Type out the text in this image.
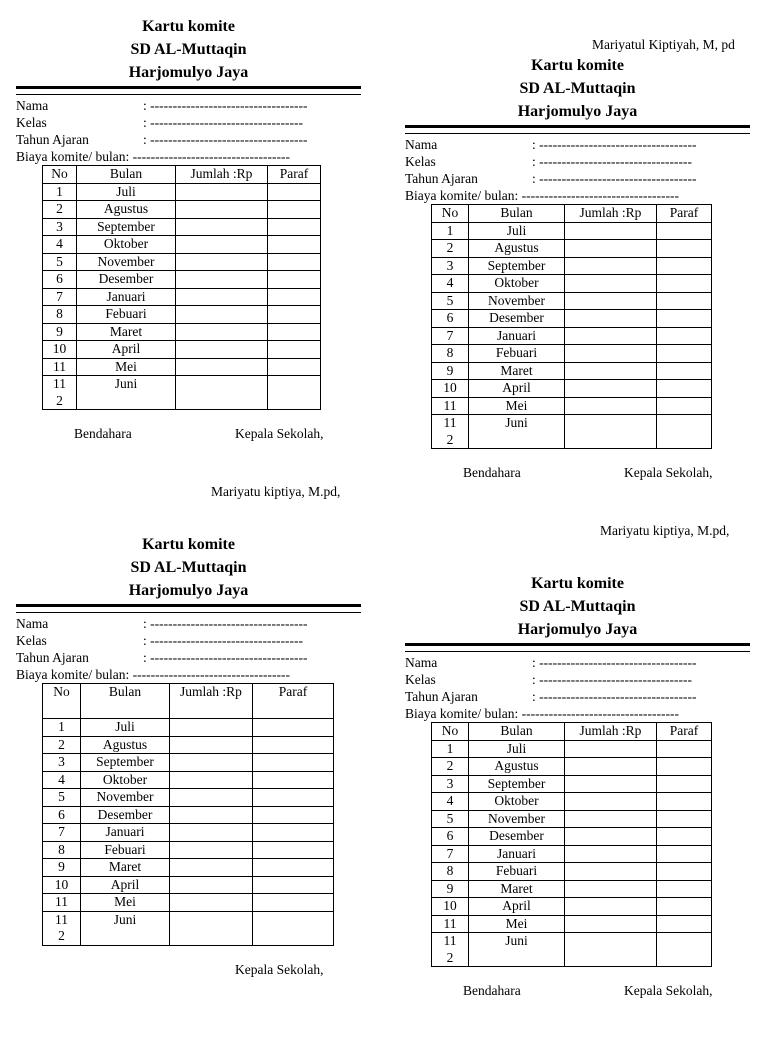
Mariyatul Kiptiyah, M, pd
Kartu komite
SD AL-Muttaqin
Harjomulyo Jaya
Nama	: -----------------------------------
Kelas	: ----------------------------------
Tahun Ajaran	: -----------------------------------
Biaya komite/ bulan : -----------------------------------
No	Bulan	Jumlah :Rp	Paraf
1	Juli		
2	Agustus		
3	September		
4	Oktober		
5	November		
6	Desember		
7	Januari		
8	Febuari		
9	Maret		
10	April		
11	Mei		
11
2	Juni		
Bendahara	Kepala Sekolah,
Mariyatu kiptiya, M.pd,
Kartu komite
SD AL-Muttaqin
Harjomulyo Jaya
Nama	: -----------------------------------
Kelas	: ----------------------------------
Tahun Ajaran	: -----------------------------------
Biaya komite/ bulan : -----------------------------------
No	Bulan	Jumlah :Rp	Paraf
1	Juli		
2	Agustus		
3	September		
4	Oktober		
5	November		
6	Desember		
7	Januari		
8	Febuari		
9	Maret		
10	April		
11	Mei		
11
2	Juni		
Bendahara	Kepala Sekolah,
Mariyatu kiptiya, M.pd,
Kartu komite
SD AL-Muttaqin
Harjomulyo Jaya
Nama	: -----------------------------------
Kelas	: ----------------------------------
Tahun Ajaran	: -----------------------------------
Biaya komite/ bulan : -----------------------------------
No	Bulan	Jumlah :Rp	Paraf
1	Juli		
2	Agustus		
3	September		
4	Oktober		
5	November		
6	Desember		
7	Januari		
8	Febuari		
9	Maret		
10	April		
11	Mei		
11
2	Juni		
Kepala Sekolah,
Kartu komite
SD AL-Muttaqin
Harjomulyo Jaya
Nama	: -----------------------------------
Kelas	: ----------------------------------
Tahun Ajaran	: -----------------------------------
Biaya komite/ bulan : -----------------------------------
No	Bulan	Jumlah :Rp	Paraf
1	Juli		
2	Agustus		
3	September		
4	Oktober		
5	November		
6	Desember		
7	Januari		
8	Febuari		
9	Maret		
10	April		
11	Mei		
11
2	Juni		
Bendahara	Kepala Sekolah,
